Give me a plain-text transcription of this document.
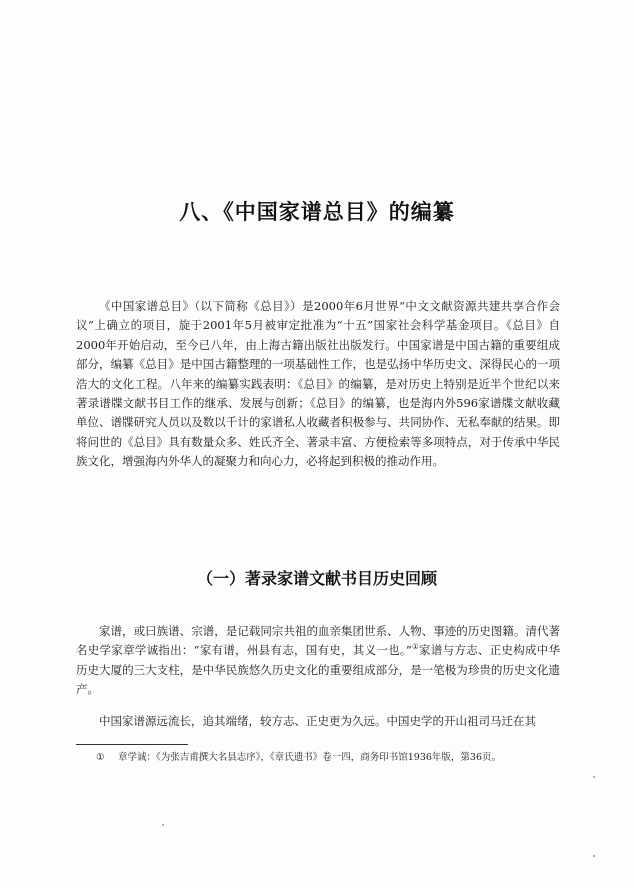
八、《中国家谱总目》的编纂

《中国家谱总目》（以下简称《总目》）是2000年6月世界“中文文献资源共建共享合作会议”上确立的项目，旋于2001年5月被审定批准为“十五”国家社会科学基金项目。《总目》自2000年开始启动，至今已八年，由上海古籍出版社出版发行。中国家谱是中国古籍的重要组成部分，编纂《总目》是中国古籍整理的一项基础性工作，也是弘扬中华历史文、深得民心的一项浩大的文化工程。八年来的编纂实践表明：《总目》的编纂，是对历史上特别是近半个世纪以来著录谱牒文献书目工作的继承、发展与创新；《总目》的编纂，也是海内外596家谱牒文献收藏单位、谱牒研究人员以及数以千计的家谱私人收藏者积极参与、共同协作、无私奉献的结果。即将问世的《总目》具有数量众多、姓氏齐全、著录丰富、方便检索等多项特点，对于传承中华民族文化，增强海内外华人的凝聚力和向心力，必将起到积极的推动作用。

（一）著录家谱文献书目历史回顾

家谱，或曰族谱、宗谱，是记载同宗共祖的血亲集团世系、人物、事迹的历史图籍。清代著名史学家章学诚指出：“家有谱，州县有志，国有史，其义一也。”①家谱与方志、正史构成中华历史大厦的三大支柱，是中华民族悠久历史文化的重要组成部分，是一笔极为珍贵的历史文化遗产。

中国家谱源远流长，追其端绪，较方志、正史更为久远。中国史学的开山祖司马迁在其

① 章学诚：《为张吉甫撰大名县志序》，《章氏遗书》卷一四，商务印书馆1936年版，第36页。
